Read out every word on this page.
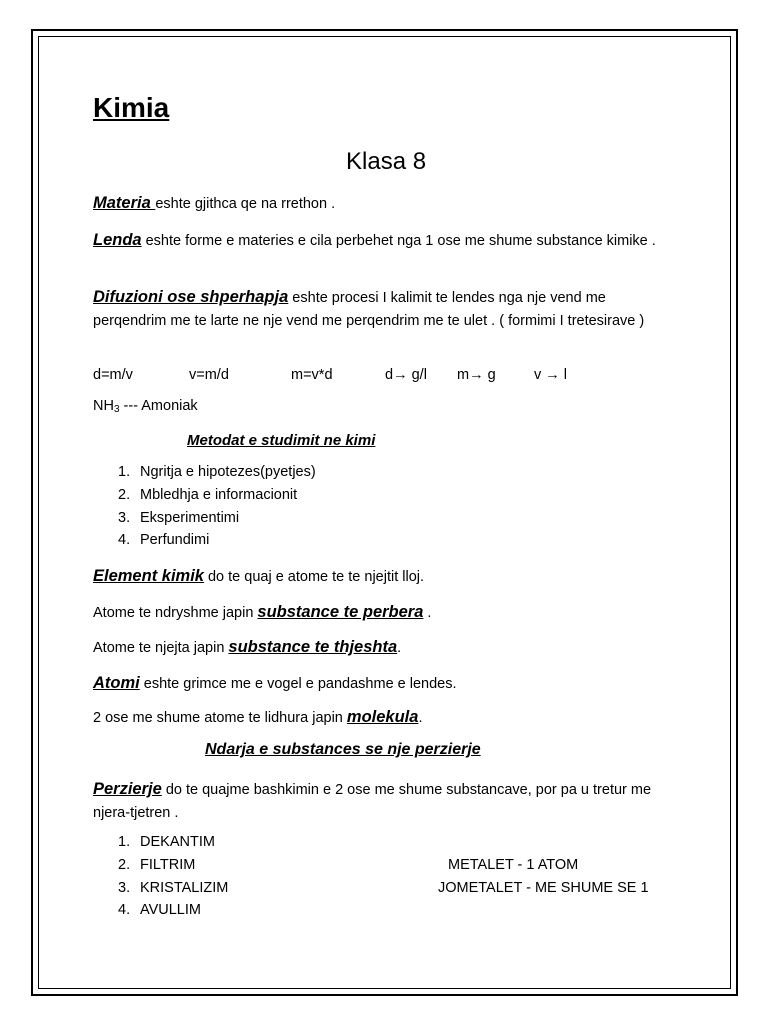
Kimia
Klasa 8
Materia eshte gjithca qe na rrethon .
Lenda eshte forme e materies e cila perbehet nga 1 ose me shume substance kimike .
Difuzioni ose shperhapja eshte procesi I kalimit te lendes nga nje vend me perqendrim me te larte ne nje vend me perqendrim me te ulet . ( formimi I tretesirave )
d=m/v	v=m/d	m=v*d	d→ g/l m→ g	v → l
$NH_3$ --- Amoniak
Metodat e studimit ne kimi
1. Ngritja e hipotezes(pyetjes)
2. Mbledhja e informacionit
3. Eksperimentimi
4. Perfundimi
Element kimik do te quaj e atome te te njejtit lloj.
Atome te ndryshme japin substance te perbera .
Atome te njejta japin substance te thjeshta.
Atomi eshte grimce me e vogel e pandashme e lendes.
2 ose me shume atome te lidhura japin molekula.
Ndarja e substances se nje perzierje
Perzierje do te quajme bashkimin e 2 ose me shume substancave, por pa u tretur me njera-tjetren .
1. DEKANTIM
2. FILTRIM
3. KRISTALIZIM
4. AVULLIM
METALET - 1 ATOM
JOMETALET - ME SHUME SE 1
